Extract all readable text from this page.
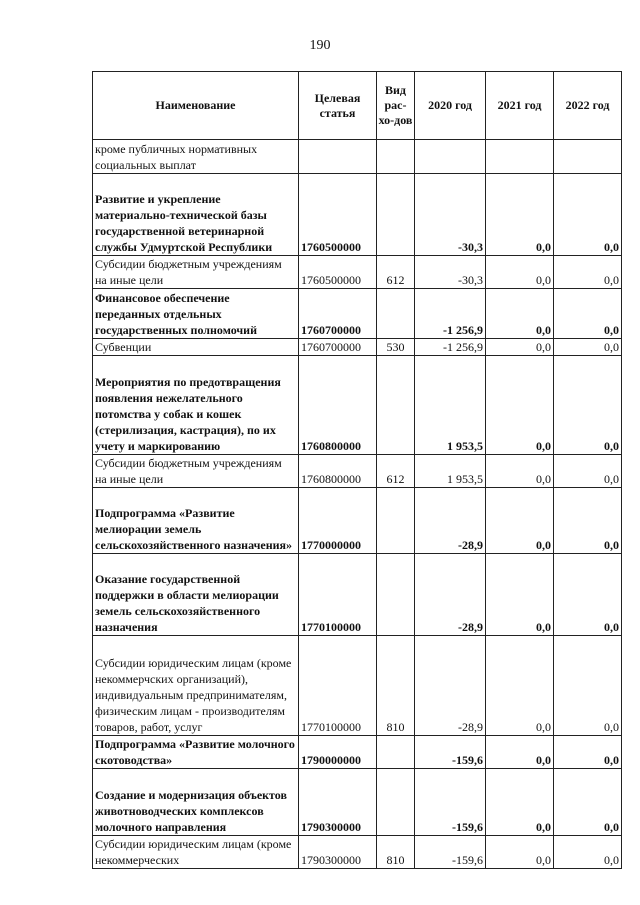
190
Наименование	Целевая статья	Вид рас-хо-дов	2020 год	2021 год	2022 год
кроме публичных нормативных социальных выплат					
Развитие и укрепление материально-технической базы государственной ветеринарной службы Удмуртской Республики	1760500000		-30,3	0,0	0,0
Субсидии бюджетным учреждениям на иные цели	1760500000	612	-30,3	0,0	0,0
Финансовое обеспечение переданных отдельных государственных полномочий	1760700000		-1 256,9	0,0	0,0
Субвенции	1760700000	530	-1 256,9	0,0	0,0
Мероприятия по предотвращения появления нежелательного потомства у собак и кошек (стерилизация, кастрация), по их учету и маркированию	1760800000		1 953,5	0,0	0,0
Субсидии бюджетным учреждениям на иные цели	1760800000	612	1 953,5	0,0	0,0
Подпрограмма «Развитие мелиорации земель сельскохозяйственного назначения»	1770000000		-28,9	0,0	0,0
Оказание государственной поддержки в области мелиорации земель сельскохозяйственного назначения	1770100000		-28,9	0,0	0,0
Субсидии юридическим лицам (кроме некоммерчских организаций), индивидуальным предпринимателям, физическим лицам - производителям товаров, работ, услуг	1770100000	810	-28,9	0,0	0,0
Подпрограмма «Развитие молочного скотоводства»	1790000000		-159,6	0,0	0,0
Создание и модернизация объектов животноводческих комплексов молочного направления	1790300000		-159,6	0,0	0,0
Субсидии юридическим лицам (кроме некоммерческих	1790300000	810	-159,6	0,0	0,0
